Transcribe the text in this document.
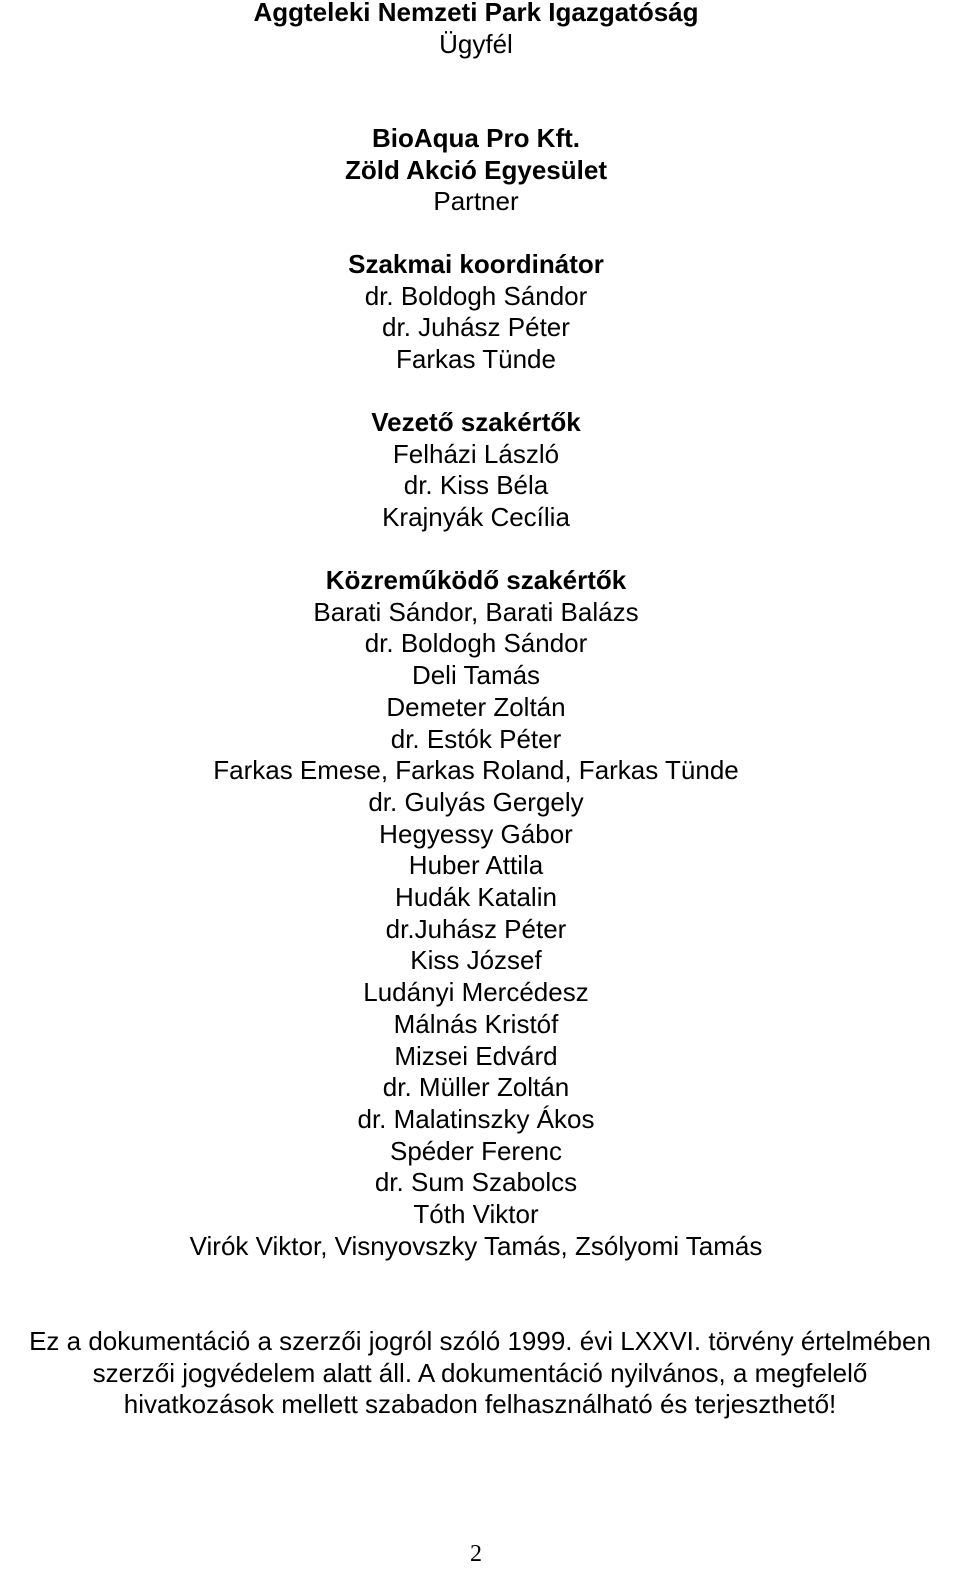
Aggteleki Nemzeti Park Igazgatóság
Ügyfél
BioAqua Pro Kft.
Zöld Akció Egyesület
Partner
Szakmai koordinátor
dr. Boldogh Sándor
dr. Juhász Péter
Farkas Tünde
Vezető szakértők
Felházi László
dr. Kiss Béla
Krajnyák Cecília
Közreműködő szakértők
Barati Sándor, Barati Balázs
dr. Boldogh Sándor
Deli Tamás
Demeter Zoltán
dr. Estók Péter
Farkas Emese, Farkas Roland, Farkas Tünde
dr. Gulyás Gergely
Hegyessy Gábor
Huber Attila
Hudák Katalin
dr.Juhász Péter
Kiss József
Ludányi Mercédesz
Málnás Kristóf
Mizsei Edvárd
dr. Müller Zoltán
dr. Malatinszky Ákos
Spéder Ferenc
dr. Sum Szabolcs
Tóth Viktor
Virók Viktor, Visnyovszky Tamás, Zsólyomi Tamás
Ez a dokumentáció a szerzői jogról szóló 1999. évi LXXVI. törvény értelmében
szerzői jogvédelem alatt áll. A dokumentáció nyilvános, a megfelelő
hivatkozások mellett szabadon felhasználható és terjeszthető!
2
